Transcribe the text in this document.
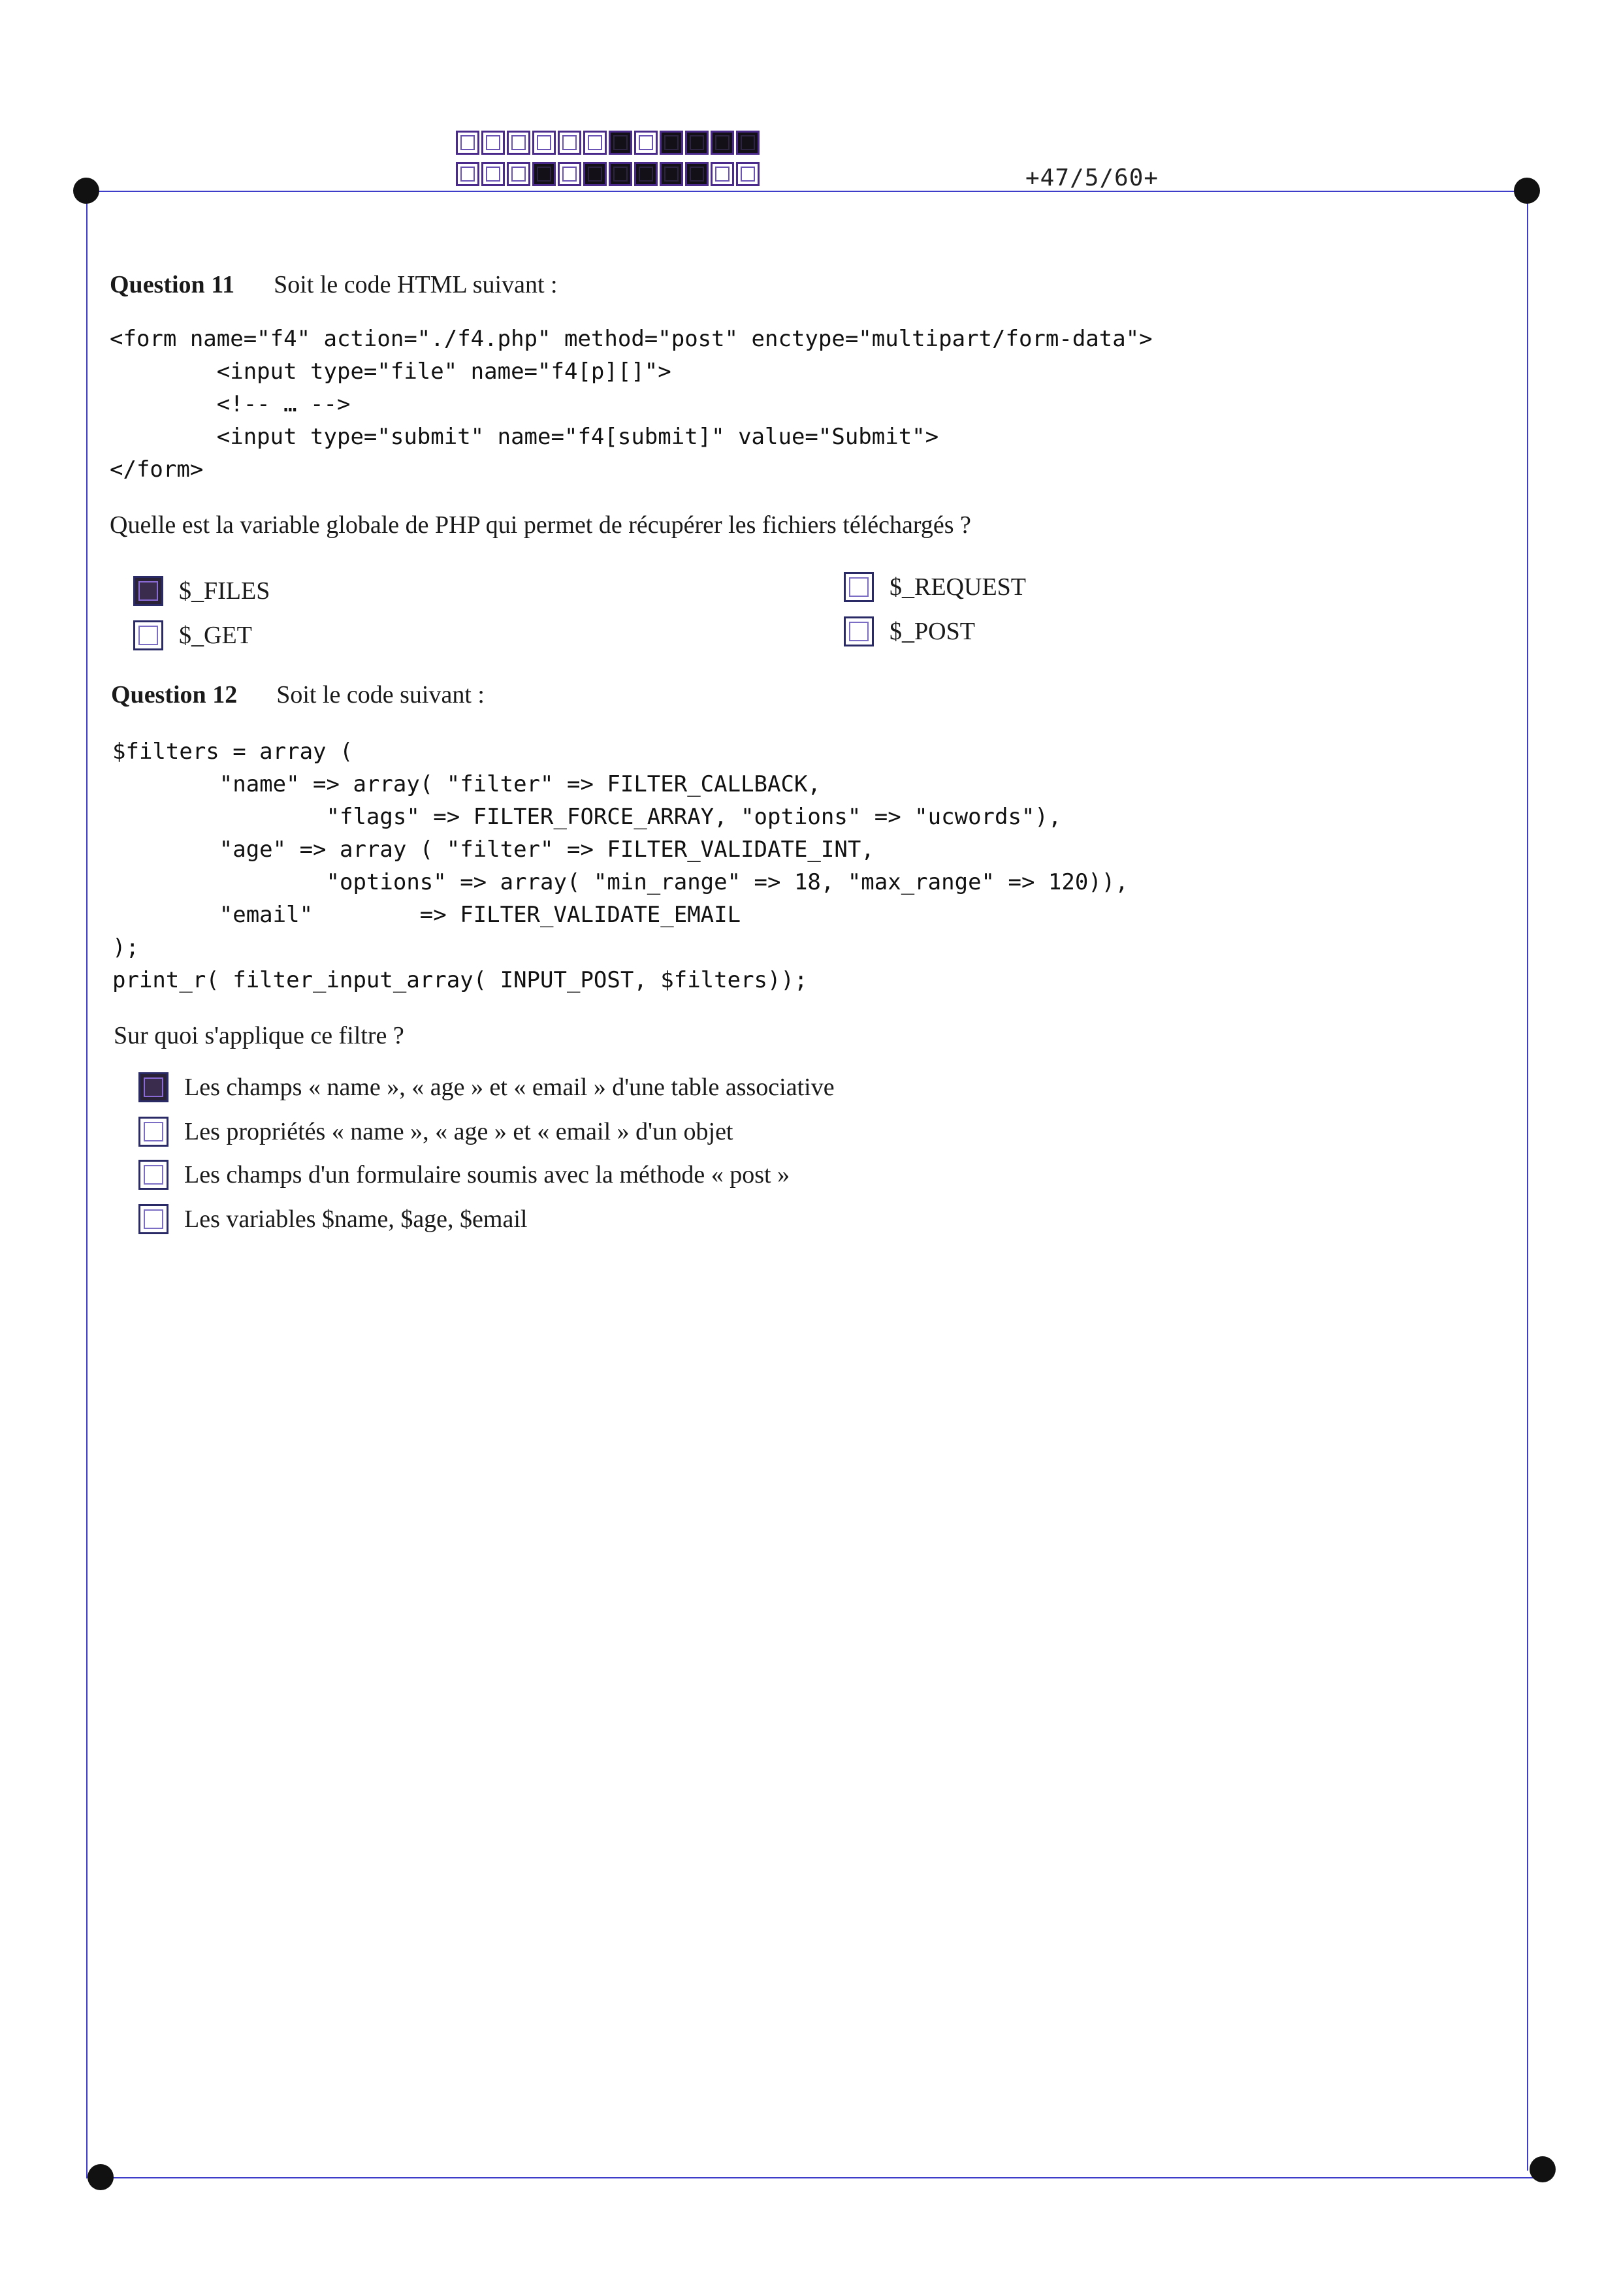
+47/5/60+
Question 11 Soit le code HTML suivant :
<form name="f4" action="./f4.php" method="post" enctype="multipart/form-data">
<input type="file" name="f4[p][]">
<!-- … -->
<input type="submit" name="f4[submit]" value="Submit">
</form>
Quelle est la variable globale de PHP qui permet de récupérer les fichiers téléchargés ?
$_FILES	$_REQUEST
$_GET	$_POST
Question 12 Soit le code suivant :
$filters = array (
"name" => array( "filter" => FILTER_CALLBACK,
"flags" => FILTER_FORCE_ARRAY, "options" => "ucwords"),
"age" => array ( "filter" => FILTER_VALIDATE_INT,
"options" => array( "min_range" => 18, "max_range" => 120)),
"email"        => FILTER_VALIDATE_EMAIL
);
print_r( filter_input_array( INPUT_POST, $filters));
Sur quoi s'applique ce filtre ?
Les champs « name », « age » et « email » d'une table associative
Les propriétés « name », « age » et « email » d'un objet
Les champs d'un formulaire soumis avec la méthode « post »
Les variables $name, $age, $email
